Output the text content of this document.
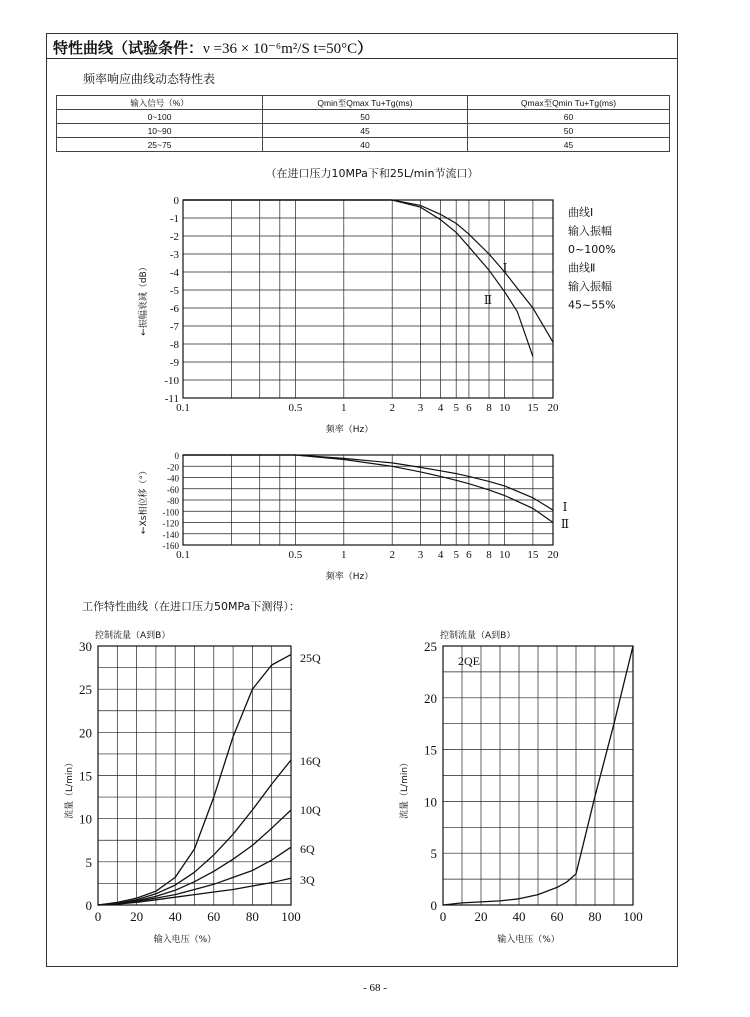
特性曲线（试验条件：ν =36 × 10⁻⁶m²/S t=50°C）
频率响应曲线动态特性表
输入信号（%）	Qmin至Qmax Tu+Tg(ms)	Qmax至Qmin Tu+Tg(ms)
0~100	50	60
10~90	45	50
25~75	40	45
（在进口压力10MPa下和25L/min节流口）
0.1	0.5	1	2 3 4 5 6 8 10 15 20
0
-1
-2
-3
-4
-5
-6
-7
-8
-9
-10
-11
频率（Hz）
←振幅衰减（dB）	Ⅰ
Ⅱ
曲线Ⅰ
输入振幅
0~100%
曲线Ⅱ
输入振幅
45~55%
0.1	0.5	1	2 3 4 5 6 8 10 15 20
0
-20
-40
-60
-80
-100
-120
-140
-160
频率（Hz）
←Xs相位移（°）	Ⅰ
Ⅱ
工作特性曲线（在进口压力50MPa下测得）：
0 20 40 60 80 100
0
5
10
15
20
25
30
控制流量（A到B）
输入电压（%）
流量（L/min）
25Q
16Q
10Q
6Q
3Q
0 20 40 60 80 100
0
5
10
15
20
25
控制流量（A到B）
输入电压（%）
流量（L/min）
2QE
- 68 -
